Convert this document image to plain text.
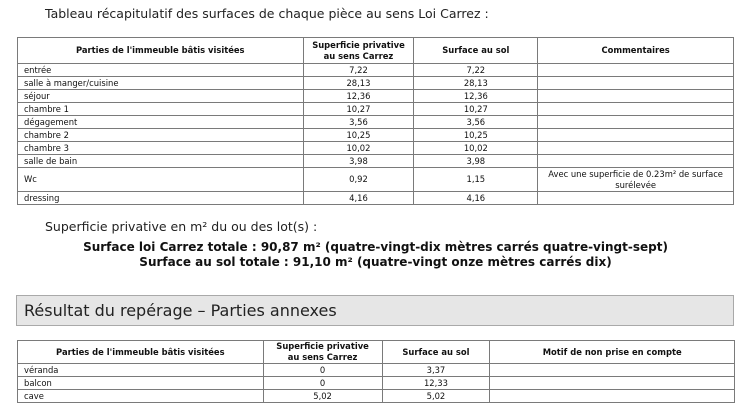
Tableau récapitulatif des surfaces de chaque pièce au sens Loi Carrez :
Parties de l'immeuble bâtis visitées	Superficie privative au sens Carrez	Surface au sol	Commentaires
entrée	7,22	7,22	
salle à manger/cuisine	28,13	28,13	
séjour	12,36	12,36	
chambre 1	10,27	10,27	
dégagement	3,56	3,56	
chambre 2	10,25	10,25	
chambre 3	10,02	10,02	
salle de bain	3,98	3,98	
Wc	0,92	1,15	Avec une superficie de 0.23m² de surface surélevée
dressing	4,16	4,16	
Superficie privative en m² du ou des lot(s) :
Surface loi Carrez totale : 90,87 m² (quatre-vingt-dix mètres carrés quatre-vingt-sept)
Surface au sol totale : 91,10 m² (quatre-vingt onze mètres carrés dix)
Résultat du repérage – Parties annexes
Parties de l'immeuble bâtis visitées	Superficie privative au sens Carrez	Surface au sol	Motif de non prise en compte
véranda	0	3,37	
balcon	0	12,33	
cave	5,02	5,02	
